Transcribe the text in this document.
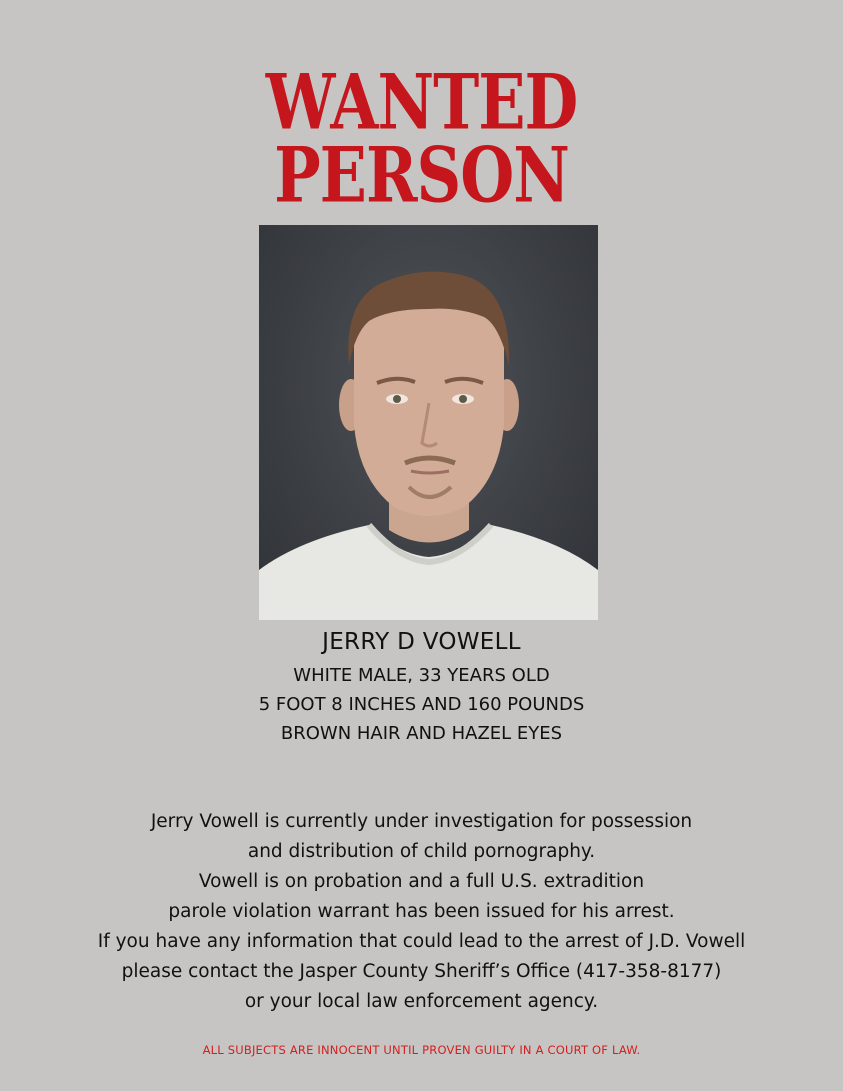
WANTED
PERSON
JERRY D VOWELL
WHITE MALE, 33 YEARS OLD
5 FOOT 8 INCHES AND 160 POUNDS
BROWN HAIR AND HAZEL EYES
Jerry Vowell is currently under investigation for possession
and distribution of child pornography.
Vowell is on probation and a full U.S. extradition
parole violation warrant has been issued for his arrest.
If you have any information that could lead to the arrest of J.D. Vowell
please contact the Jasper County Sheriff’s Office (417-358-8177)
or your local law enforcement agency.
ALL SUBJECTS ARE INNOCENT UNTIL PROVEN GUILTY IN A COURT OF LAW.
